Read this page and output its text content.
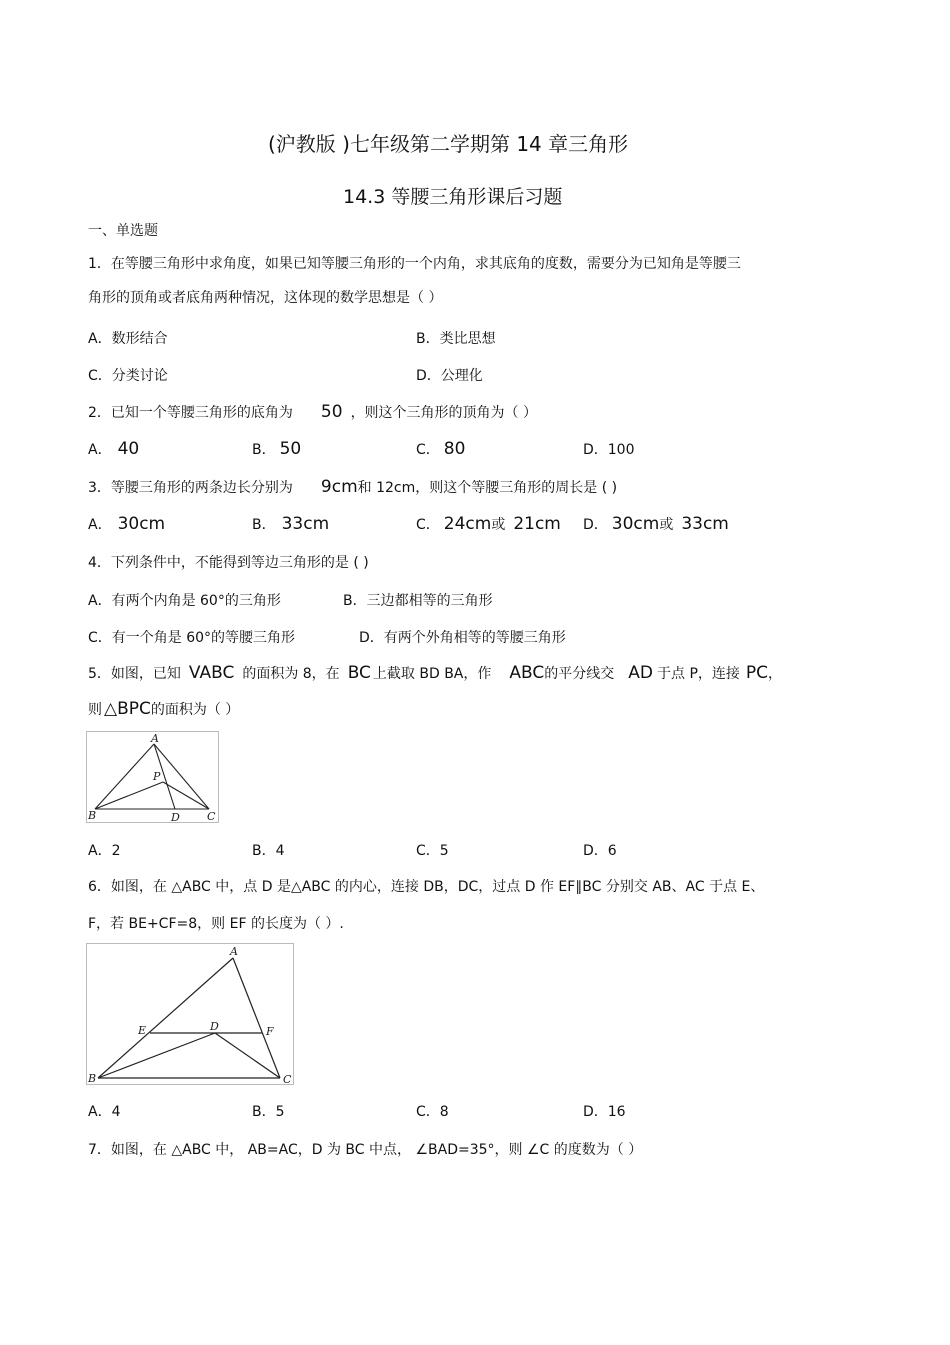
(沪教版 )七年级第二学期第 14 章三角形
14.3 等腰三角形课后习题
一、单选题
1．在等腰三角形中求角度，如果已知等腰三角形的一个内角，求其底角的度数，需要分为已知角是等腰三
角形的顶角或者底角两种情况，这体现的数学思想是（ ）
A．数形结合	B．类比思想
C．分类讨论	D．公理化
2．已知一个等腰三角形的底角为 50 ，则这个三角形的顶角为（ ）
A． 40	B． 50	C． 80	D．100
3．等腰三角形的两条边长分别为 9cm和 12cm，则这个等腰三角形的周长是 ( )
A． 30cm	B． 33cm	C． 24cm或 21cm D． 30cm或 33cm
4．下列条件中，不能得到等边三角形的是 ( )
A．有两个内角是 60°的三角形	B．三边都相等的三角形
C．有一个角是 60°的等腰三角形	D．有两个外角相等的等腰三角形
5．如图，已知 VABC 的面积为 8，在 BC 上截取 BD BA，作 ABC的平分线交 AD 于点 P，连接 PC，
则 △BPC的面积为（ ）
A
B	C
D
P
A．2	B．4	C．5	D．6
6．如图，在 △ABC 中，点 D 是△ABC 的内心，连接 DB，DC，过点 D 作 EF∥BC 分别交 AB、AC 于点 E、
F，若 BE+CF=8，则 EF 的长度为（ ）.
A
B	C
D
E	F
A．4	B．5	C．8	D．16
7．如图，在 △ABC 中， AB=AC，D 为 BC 中点， ∠BAD=35°，则 ∠C 的度数为（ ）
